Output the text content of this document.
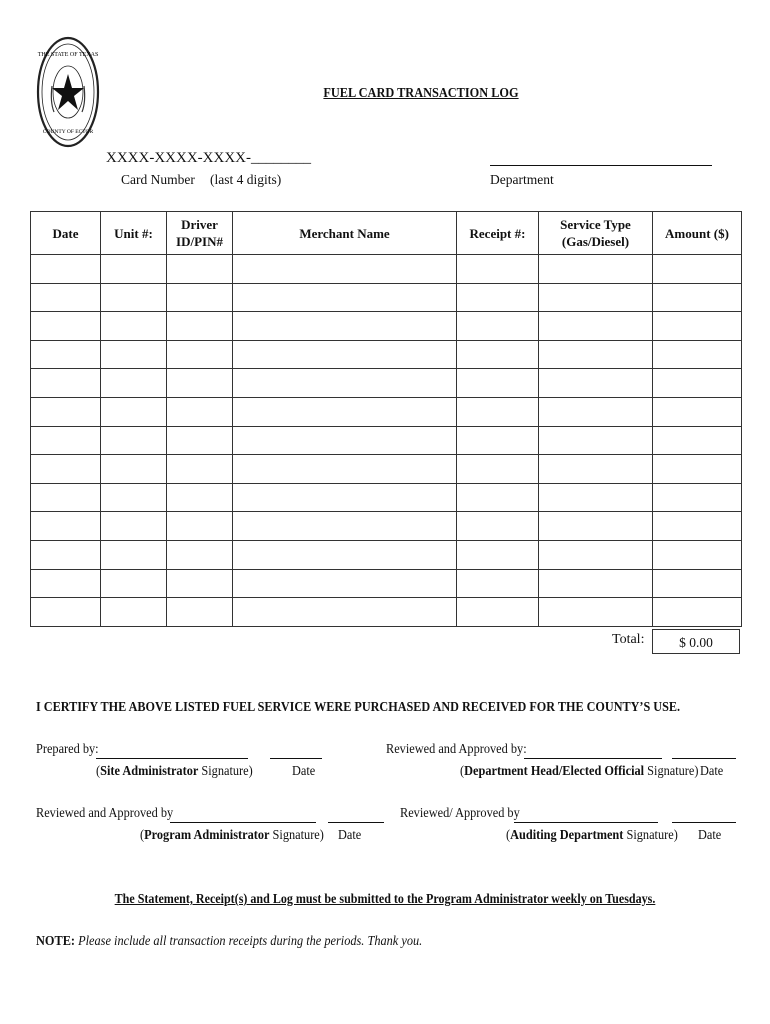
THE STATE OF TEXAS
COUNTY OF ECTOR
FUEL CARD TRANSACTION LOG
XXXX-XXXX-XXXX-________
Card Number (last 4 digits)	Department
Date	Unit #:	Driver ID/PIN#	Merchant Name	Receipt #:	Service Type (Gas/Diesel)	Amount ($)

Total:	$ 0.00
I CERTIFY THE ABOVE LISTED FUEL SERVICE WERE PURCHASED AND RECEIVED FOR THE COUNTY’S USE.
Prepared by:
(Site Administrator Signature)	Date
Reviewed and Approved by:
(Department Head/Elected Official Signature) Date
Reviewed and Approved by
(Program Administrator Signature) Date
Reviewed/ Approved by
(Auditing Department Signature) Date
The Statement, Receipt(s) and Log must be submitted to the Program Administrator weekly on Tuesdays.
NOTE: Please include all transaction receipts during the periods. Thank you.
